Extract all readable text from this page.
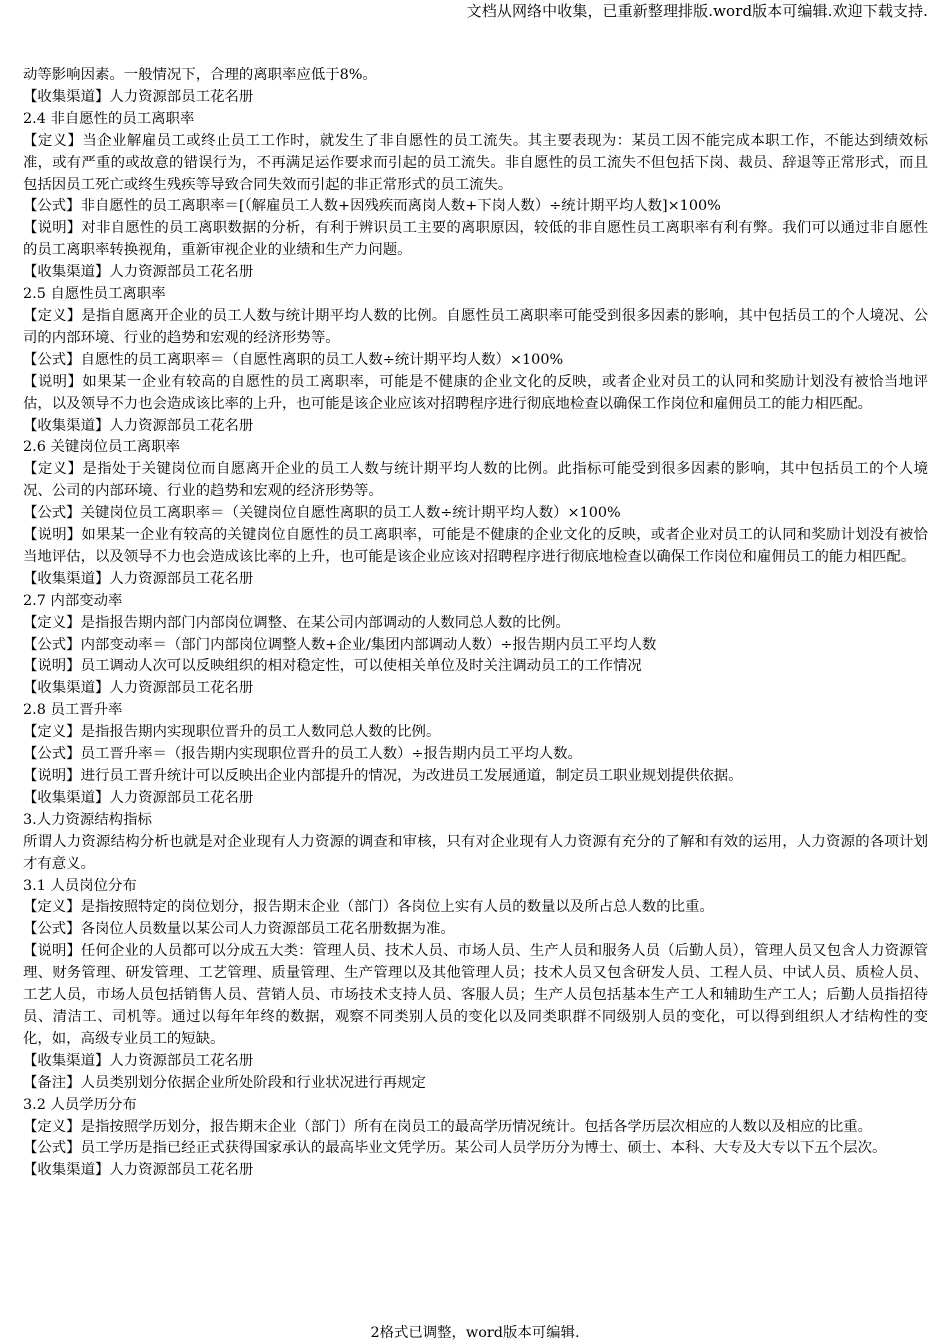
文档从网络中收集，已重新整理排版.word版本可编辑.欢迎下载支持.

动等影响因素。一般情况下，合理的离职率应低于8%。

【收集渠道】人力资源部员工花名册

2.4 非自愿性的员工离职率

【定义】当企业解雇员工或终止员工工作时，就发生了非自愿性的员工流失。其主要表现为：某员工因不能完成本职工作，不能达到绩效标准，或有严重的或故意的错误行为，不再满足运作要求而引起的员工流失。非自愿性的员工流失不但包括下岗、裁员、辞退等正常形式，而且包括因员工死亡或终生残疾等导致合同失效而引起的非正常形式的员工流失。

【公式】非自愿性的员工离职率＝[（解雇员工人数+因残疾而离岗人数+下岗人数）÷统计期平均人数]×100%

【说明】对非自愿性的员工离职数据的分析，有利于辨识员工主要的离职原因，较低的非自愿性员工离职率有利有弊。我们可以通过非自愿性的员工离职率转换视角，重新审视企业的业绩和生产力问题。

【收集渠道】人力资源部员工花名册

2.5 自愿性员工离职率

【定义】是指自愿离开企业的员工人数与统计期平均人数的比例。自愿性员工离职率可能受到很多因素的影响，其中包括员工的个人境况、公司的内部环境、行业的趋势和宏观的经济形势等。

【公式】自愿性的员工离职率＝（自愿性离职的员工人数÷统计期平均人数）×100%

【说明】如果某一企业有较高的自愿性的员工离职率，可能是不健康的企业文化的反映，或者企业对员工的认同和奖励计划没有被恰当地评估，以及领导不力也会造成该比率的上升，也可能是该企业应该对招聘程序进行彻底地检查以确保工作岗位和雇佣员工的能力相匹配。

【收集渠道】人力资源部员工花名册

2.6 关键岗位员工离职率

【定义】是指处于关键岗位而自愿离开企业的员工人数与统计期平均人数的比例。此指标可能受到很多因素的影响，其中包括员工的个人境况、公司的内部环境、行业的趋势和宏观的经济形势等。

【公式】关键岗位员工离职率＝（关键岗位自愿性离职的员工人数÷统计期平均人数）×100%

【说明】如果某一企业有较高的关键岗位自愿性的员工离职率，可能是不健康的企业文化的反映，或者企业对员工的认同和奖励计划没有被恰当地评估，以及领导不力也会造成该比率的上升，也可能是该企业应该对招聘程序进行彻底地检查以确保工作岗位和雇佣员工的能力相匹配。

【收集渠道】人力资源部员工花名册

2.7 内部变动率

【定义】是指报告期内部门内部岗位调整、在某公司内部调动的人数同总人数的比例。

【公式】内部变动率＝（部门内部岗位调整人数+企业/集团内部调动人数）÷报告期内员工平均人数

【说明】员工调动人次可以反映组织的相对稳定性，可以使相关单位及时关注调动员工的工作情况

【收集渠道】人力资源部员工花名册

2.8 员工晋升率

【定义】是指报告期内实现职位晋升的员工人数同总人数的比例。

【公式】员工晋升率＝（报告期内实现职位晋升的员工人数）÷报告期内员工平均人数。

【说明】进行员工晋升统计可以反映出企业内部提升的情况，为改进员工发展通道，制定员工职业规划提供依据。

【收集渠道】人力资源部员工花名册

3.人力资源结构指标

所谓人力资源结构分析也就是对企业现有人力资源的调查和审核，只有对企业现有人力资源有充分的了解和有效的运用，人力资源的各项计划才有意义。

3.1 人员岗位分布

【定义】是指按照特定的岗位划分，报告期末企业（部门）各岗位上实有人员的数量以及所占总人数的比重。

【公式】各岗位人员数量以某公司人力资源部员工花名册数据为准。

【说明】任何企业的人员都可以分成五大类：管理人员、技术人员、市场人员、生产人员和服务人员（后勤人员），管理人员又包含人力资源管理、财务管理、研发管理、工艺管理、质量管理、生产管理以及其他管理人员；技术人员又包含研发人员、工程人员、中试人员、质检人员、工艺人员，市场人员包括销售人员、营销人员、市场技术支持人员、客服人员；生产人员包括基本生产工人和辅助生产工人；后勤人员指招待员、清洁工、司机等。通过以每年年终的数据，观察不同类别人员的变化以及同类职群不同级别人员的变化，可以得到组织人才结构性的变化，如，高级专业员工的短缺。

【收集渠道】人力资源部员工花名册

【备注】人员类别划分依据企业所处阶段和行业状况进行再规定

3.2 人员学历分布

【定义】是指按照学历划分，报告期末企业（部门）所有在岗员工的最高学历情况统计。包括各学历层次相应的人数以及相应的比重。

【公式】员工学历是指已经正式获得国家承认的最高毕业文凭学历。某公司人员学历分为博士、硕士、本科、大专及大专以下五个层次。

【收集渠道】人力资源部员工花名册

2格式已调整，word版本可编辑.
